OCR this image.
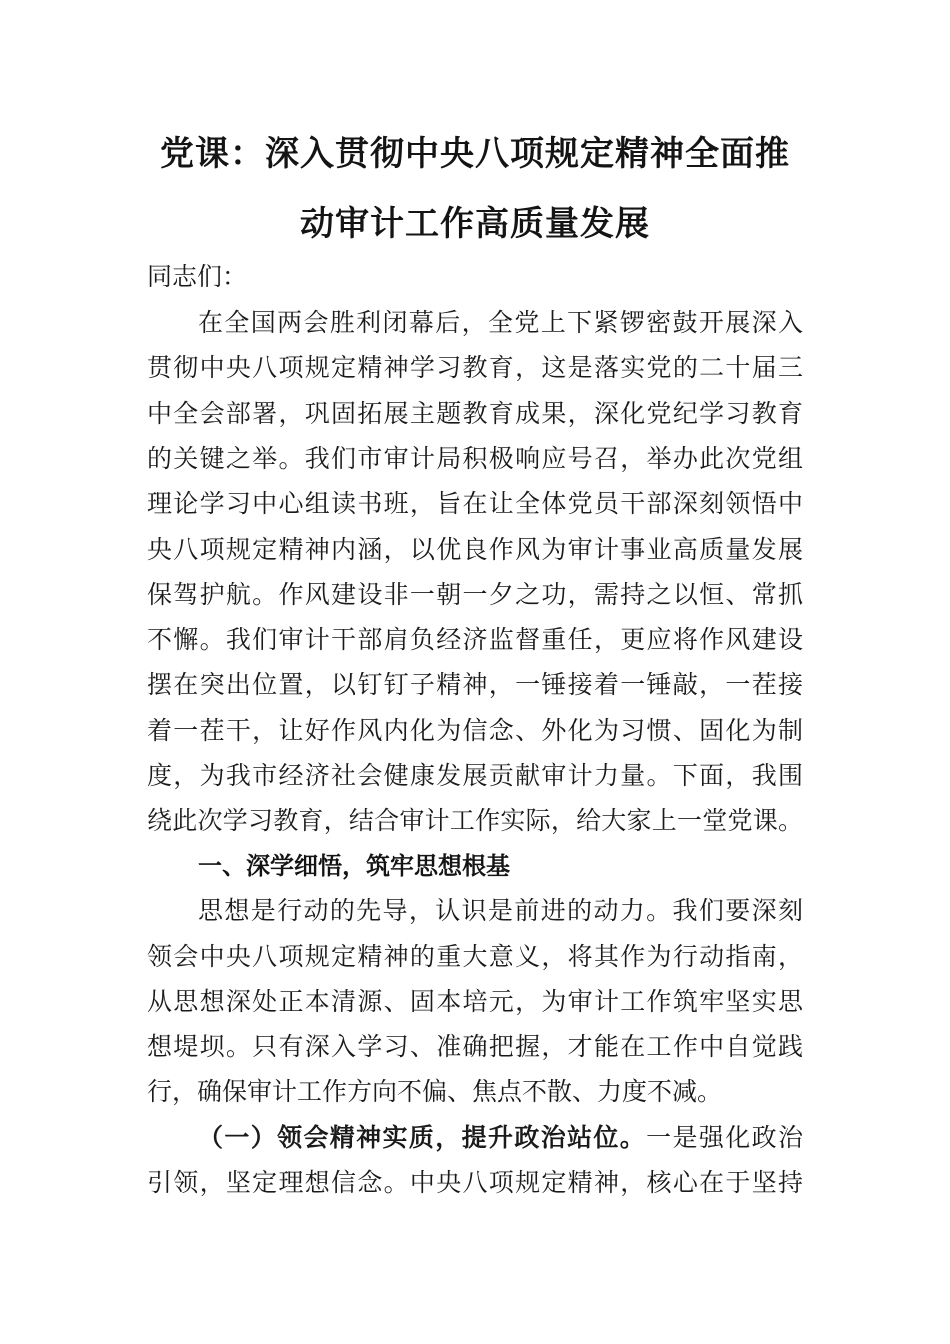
党课：深入贯彻中央八项规定精神全面推
动审计工作高质量发展
同志们：
在全国两会胜利闭幕后，全党上下紧锣密鼓开展深入
贯彻中央八项规定精神学习教育，这是落实党的二十届三
中全会部署，巩固拓展主题教育成果，深化党纪学习教育
的关键之举。我们市审计局积极响应号召，举办此次党组
理论学习中心组读书班，旨在让全体党员干部深刻领悟中
央八项规定精神内涵，以优良作风为审计事业高质量发展
保驾护航。作风建设非一朝一夕之功，需持之以恒、常抓
不懈。我们审计干部肩负经济监督重任，更应将作风建设
摆在突出位置，以钉钉子精神，一锤接着一锤敲，一茬接
着一茬干，让好作风内化为信念、外化为习惯、固化为制
度，为我市经济社会健康发展贡献审计力量。下面，我围
绕此次学习教育，结合审计工作实际，给大家上一堂党课。
一、深学细悟，筑牢思想根基
思想是行动的先导，认识是前进的动力。我们要深刻
领会中央八项规定精神的重大意义，将其作为行动指南，
从思想深处正本清源、固本培元，为审计工作筑牢坚实思
想堤坝。只有深入学习、准确把握，才能在工作中自觉践
行，确保审计工作方向不偏、焦点不散、力度不减。
（一）领会精神实质，提升政治站位。一是强化政治
引领，坚定理想信念。中央八项规定精神，核心在于坚持
